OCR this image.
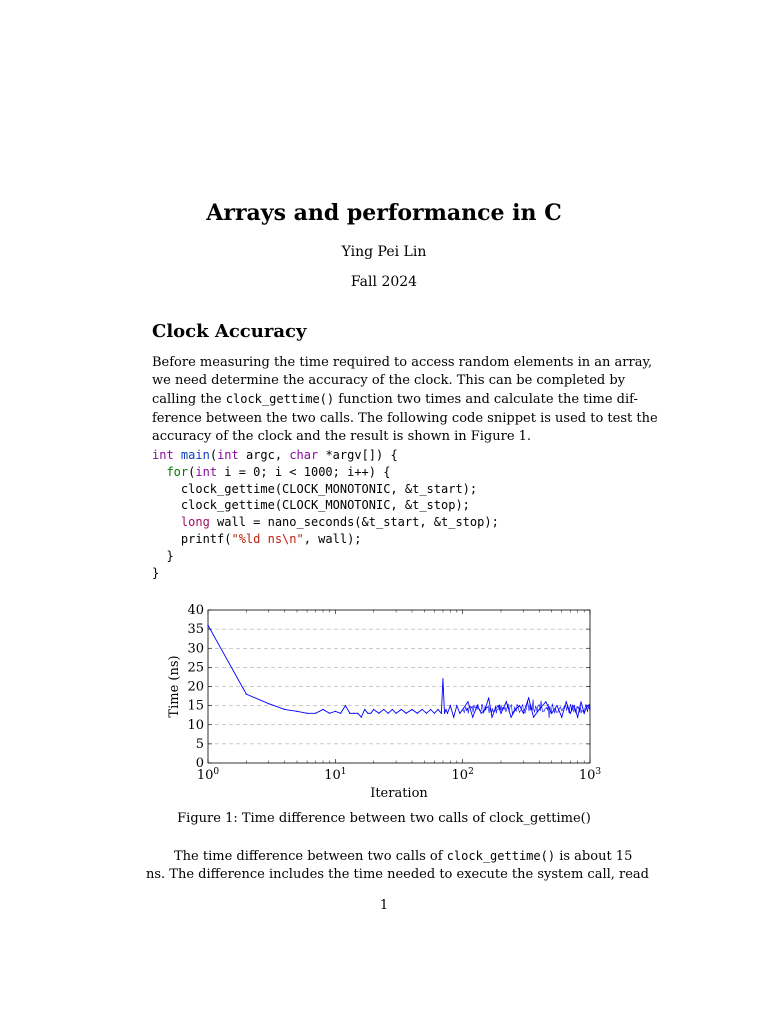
Arrays and performance in C
Ying Pei Lin
Fall 2024
Clock Accuracy
Before measuring the time required to access random elements in an array,
we need determine the accuracy of the clock. This can be completed by
calling the clock_gettime() function two times and calculate the time dif-
ference between the two calls. The following code snippet is used to test the
accuracy of the clock and the result is shown in Figure 1.
int main(int argc, char *argv[]) {
for(int i = 0; i < 1000; i++) {
clock_gettime(CLOCK_MONOTONIC, &t_start);
clock_gettime(CLOCK_MONOTONIC, &t_stop);
long wall = nano_seconds(&t_start, &t_stop);
printf("%ld ns\n", wall);
}
}
0
5
10
15
20
25
30
35
40
$10^0$	$10^1$	$10^2$	$10^3$
Iteration
Time (ns)
Figure 1: Time difference between two calls of clock_gettime()
The time difference between two calls of clock_gettime() is about 15
ns. The difference includes the time needed to execute the system call, read
1
